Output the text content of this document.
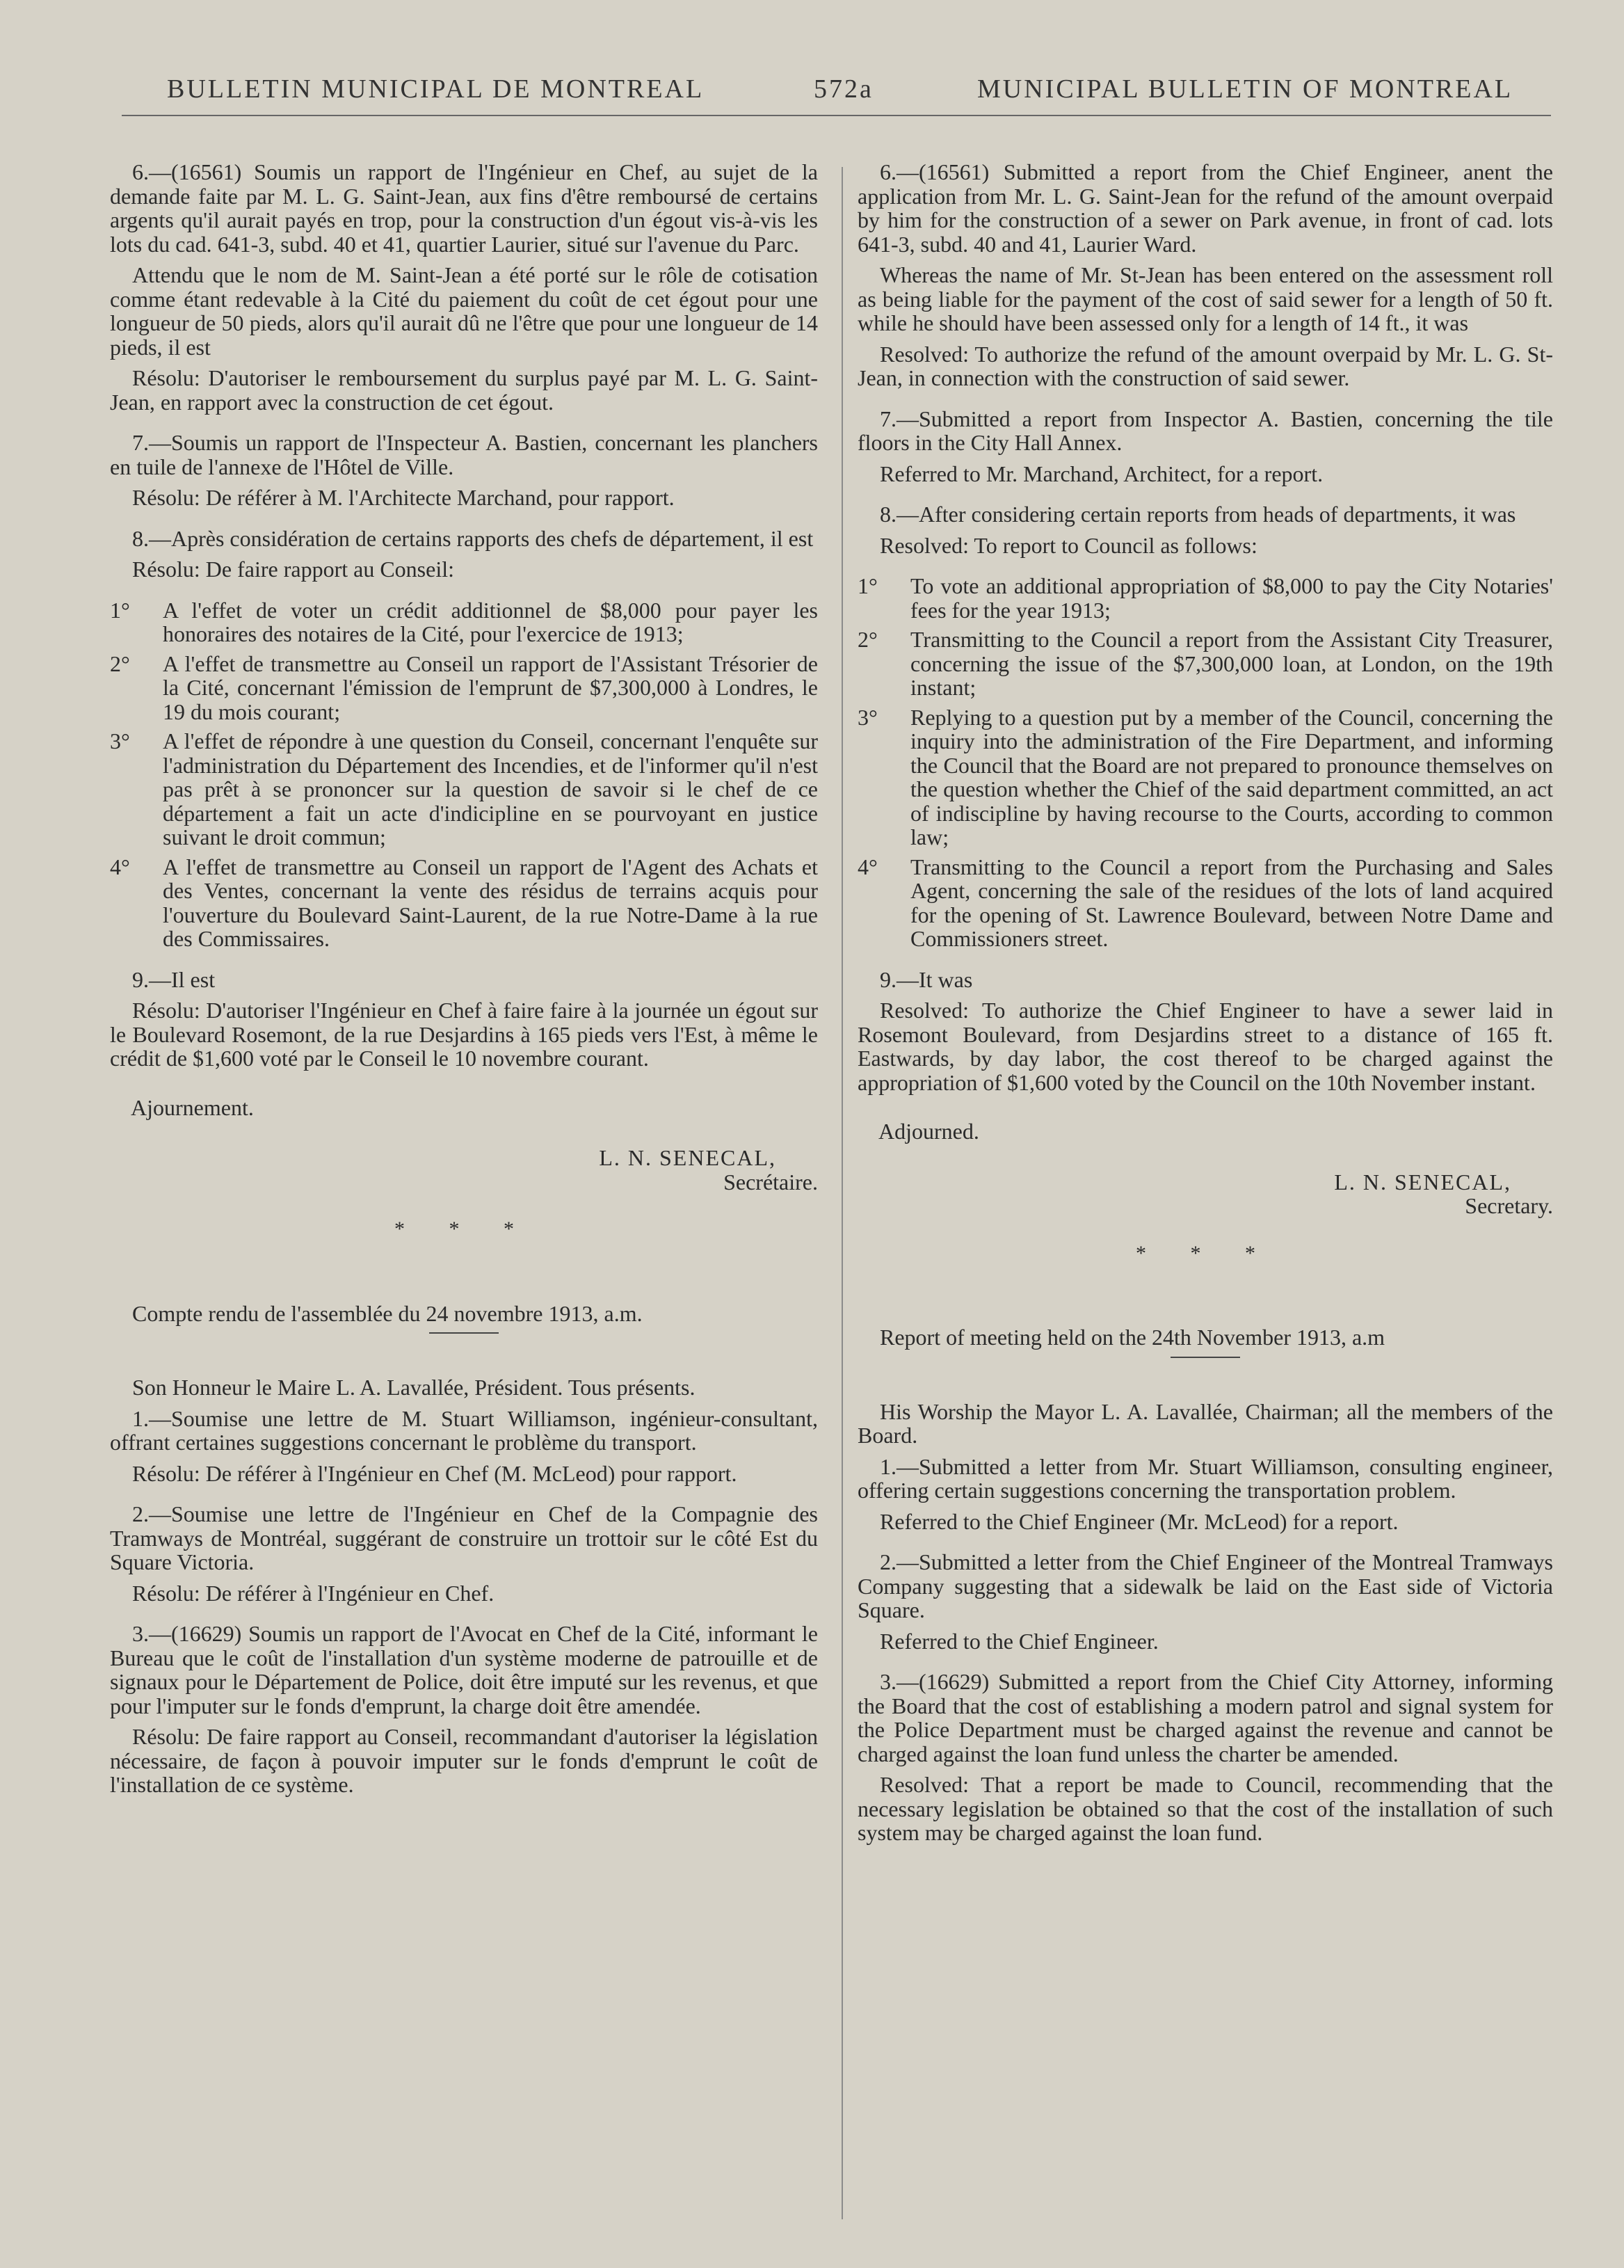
BULLETIN MUNICIPAL DE MONTREAL	572a	MUNICIPAL BULLETIN OF MONTREAL

6.—(16561) Soumis un rapport de l'Ingénieur en Chef, au sujet de la demande faite par M. L. G. Saint-Jean, aux fins d'être remboursé de certains argents qu'il aurait payés en trop, pour la construction d'un égout vis-à-vis les lots du cad. 641-3, subd. 40 et 41, quartier Laurier, situé sur l'avenue du Parc.

Attendu que le nom de M. Saint-Jean a été porté sur le rôle de cotisation comme étant redevable à la Cité du paiement du coût de cet égout pour une longueur de 50 pieds, alors qu'il aurait dû ne l'être que pour une longueur de 14 pieds, il est

Résolu: D'autoriser le remboursement du surplus payé par M. L. G. Saint-Jean, en rapport avec la construction de cet égout.

7.—Soumis un rapport de l'Inspecteur A. Bastien, concernant les planchers en tuile de l'annexe de l'Hôtel de Ville.

Résolu: De référer à M. l'Architecte Marchand, pour rapport.

8.—Après considération de certains rapports des chefs de département, il est

Résolu: De faire rapport au Conseil:

1° A l'effet de voter un crédit additionnel de $8,000 pour payer les honoraires des notaires de la Cité, pour l'exercice de 1913;
2° A l'effet de transmettre au Conseil un rapport de l'Assistant Trésorier de la Cité, concernant l'émission de l'emprunt de $7,300,000 à Londres, le 19 du mois courant;
3° A l'effet de répondre à une question du Conseil, concernant l'enquête sur l'administration du Département des Incendies, et de l'informer qu'il n'est pas prêt à se prononcer sur la question de savoir si le chef de ce département a fait un acte d'indicipline en se pourvoyant en justice suivant le droit commun;
4° A l'effet de transmettre au Conseil un rapport de l'Agent des Achats et des Ventes, concernant la vente des résidus de terrains acquis pour l'ouverture du Boulevard Saint-Laurent, de la rue Notre-Dame à la rue des Commissaires.

9.—Il est

Résolu: D'autoriser l'Ingénieur en Chef à faire faire à la journée un égout sur le Boulevard Rosemont, de la rue Desjardins à 165 pieds vers l'Est, à même le crédit de $1,600 voté par le Conseil le 10 novembre courant.

Ajournement.
L. N. SENECAL,
Secrétaire.
* * *

Compte rendu de l'assemblée du 24 novembre 1913, a.m.

Son Honneur le Maire L. A. Lavallée, Président. Tous présents.

1.—Soumise une lettre de M. Stuart Williamson, ingénieur-consultant, offrant certaines suggestions concernant le problème du transport.

Résolu: De référer à l'Ingénieur en Chef (M. McLeod) pour rapport.

2.—Soumise une lettre de l'Ingénieur en Chef de la Compagnie des Tramways de Montréal, suggérant de construire un trottoir sur le côté Est du Square Victoria.

Résolu: De référer à l'Ingénieur en Chef.

3.—(16629) Soumis un rapport de l'Avocat en Chef de la Cité, informant le Bureau que le coût de l'installation d'un système moderne de patrouille et de signaux pour le Département de Police, doit être imputé sur les revenus, et que pour l'imputer sur le fonds d'emprunt, la charge doit être amendée.

Résolu: De faire rapport au Conseil, recommandant d'autoriser la législation nécessaire, de façon à pouvoir imputer sur le fonds d'emprunt le coût de l'installation de ce système.

6.—(16561) Submitted a report from the Chief Engineer, anent the application from Mr. L. G. Saint-Jean for the refund of the amount overpaid by him for the construction of a sewer on Park avenue, in front of cad. lots 641-3, subd. 40 and 41, Laurier Ward.

Whereas the name of Mr. St-Jean has been entered on the assessment roll as being liable for the payment of the cost of said sewer for a length of 50 ft. while he should have been assessed only for a length of 14 ft., it was

Resolved: To authorize the refund of the amount overpaid by Mr. L. G. St-Jean, in connection with the construction of said sewer.

7.—Submitted a report from Inspector A. Bastien, concerning the tile floors in the City Hall Annex.

Referred to Mr. Marchand, Architect, for a report.

8.—After considering certain reports from heads of departments, it was

Resolved: To report to Council as follows:

1° To vote an additional appropriation of $8,000 to pay the City Notaries' fees for the year 1913;
2° Transmitting to the Council a report from the Assistant City Treasurer, concerning the issue of the $7,300,000 loan, at London, on the 19th instant;
3° Replying to a question put by a member of the Council, concerning the inquiry into the administration of the Fire Department, and informing the Council that the Board are not prepared to pronounce themselves on the question whether the Chief of the said department committed, an act of indiscipline by having recourse to the Courts, according to common law;
4° Transmitting to the Council a report from the Purchasing and Sales Agent, concerning the sale of the residues of the lots of land acquired for the opening of St. Lawrence Boulevard, between Notre Dame and Commissioners street.

9.—It was

Resolved: To authorize the Chief Engineer to have a sewer laid in Rosemont Boulevard, from Desjardins street to a distance of 165 ft. Eastwards, by day labor, the cost thereof to be charged against the appropriation of $1,600 voted by the Council on the 10th November instant.

Adjourned.
L. N. SENECAL,
Secretary.
* * *

Report of meeting held on the 24th November 1913, a.m

His Worship the Mayor L. A. Lavallée, Chairman; all the members of the Board.

1.—Submitted a letter from Mr. Stuart Williamson, consulting engineer, offering certain suggestions concerning the transportation problem.

Referred to the Chief Engineer (Mr. McLeod) for a report.

2.—Submitted a letter from the Chief Engineer of the Montreal Tramways Company suggesting that a sidewalk be laid on the East side of Victoria Square.

Referred to the Chief Engineer.

3.—(16629) Submitted a report from the Chief City Attorney, informing the Board that the cost of establishing a modern patrol and signal system for the Police Department must be charged against the revenue and cannot be charged against the loan fund unless the charter be amended.

Resolved: That a report be made to Council, recommending that the necessary legislation be obtained so that the cost of the installation of such system may be charged against the loan fund.
